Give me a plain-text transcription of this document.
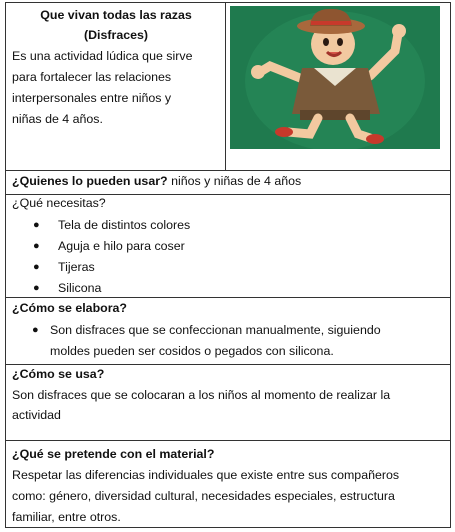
Que vivan todas las razas
(Disfraces)
Es una actividad lúdica que sirve
para fortalecer las relaciones
interpersonales entre niños y
niñas de 4 años.
¿Quienes lo pueden usar? niños y niñas de 4 años
¿Qué necesitas?
● Tela de distintos colores
● Aguja e hilo para coser
● Tijeras
● Silicona
¿Cómo se elabora?
● Son disfraces que se confeccionan manualmente, siguiendo
moldes pueden ser cosidos o pegados con silicona.
¿Cómo se usa?
Son disfraces que se colocaran a los niños al momento de realizar la
actividad
¿Qué se pretende con el material?
Respetar las diferencias individuales que existe entre sus compañeros
como: género, diversidad cultural, necesidades especiales, estructura
familiar, entre otros.
